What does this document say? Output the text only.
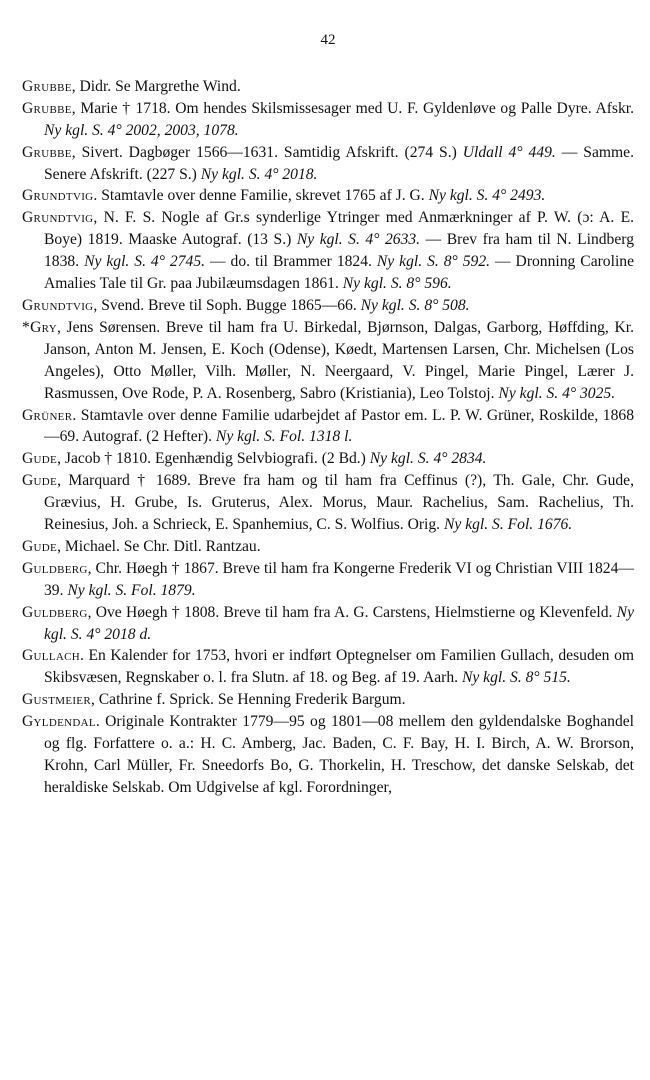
42

Grubbe, Didr. Se Margrethe Wind.

Grubbe, Marie † 1718. Om hendes Skilsmissesager med U. F. Gyldenløve og Palle Dyre. Afskr. Ny kgl. S. 4° 2002, 2003, 1078.

Grubbe, Sivert. Dagbøger 1566—1631. Samtidig Afskrift. (274 S.) Uldall 4° 449. — Samme. Senere Afskrift. (227 S.) Ny kgl. S. 4° 2018.

Grundtvig. Stamtavle over denne Familie, skrevet 1765 af J. G. Ny kgl. S. 4° 2493.

Grundtvig, N. F. S. Nogle af Gr.s synderlige Ytringer med Anmærkninger af P. W. (ɔ: A. E. Boye) 1819. Maaske Autograf. (13 S.) Ny kgl. S. 4° 2633. — Brev fra ham til N. Lindberg 1838. Ny kgl. S. 4° 2745. — do. til Brammer 1824. Ny kgl. S. 8° 592. — Dronning Caroline Amalies Tale til Gr. paa Jubilæumsdagen 1861. Ny kgl. S. 8° 596.

Grundtvig, Svend. Breve til Soph. Bugge 1865—66. Ny kgl. S. 8° 508.

*Gry, Jens Sørensen. Breve til ham fra U. Birkedal, Bjørnson, Dalgas, Garborg, Høffding, Kr. Janson, Anton M. Jensen, E. Koch (Odense), Køedt, Martensen Larsen, Chr. Michelsen (Los Angeles), Otto Møller, Vilh. Møller, N. Neergaard, V. Pingel, Marie Pingel, Lærer J. Rasmussen, Ove Rode, P. A. Rosenberg, Sabro (Kristiania), Leo Tolstoj. Ny kgl. S. 4° 3025.

Grüner. Stamtavle over denne Familie udarbejdet af Pastor em. L. P. W. Grüner, Roskilde, 1868—69. Autograf. (2 Hefter). Ny kgl. S. Fol. 1318 l.

Gude, Jacob † 1810. Egenhændig Selvbiografi. (2 Bd.) Ny kgl. S. 4° 2834.

Gude, Marquard † 1689. Breve fra ham og til ham fra Ceffinus (?), Th. Gale, Chr. Gude, Grævius, H. Grube, Is. Gruterus, Alex. Morus, Maur. Rachelius, Sam. Rachelius, Th. Reinesius, Joh. a Schrieck, E. Spanhemius, C. S. Wolfius. Orig. Ny kgl. S. Fol. 1676.

Gude, Michael. Se Chr. Ditl. Rantzau.

Guldberg, Chr. Høegh † 1867. Breve til ham fra Kongerne Frederik VI og Christian VIII 1824—39. Ny kgl. S. Fol. 1879.

Guldberg, Ove Høegh † 1808. Breve til ham fra A. G. Carstens, Hielmstierne og Klevenfeld. Ny kgl. S. 4° 2018 d.

Gullach. En Kalender for 1753, hvori er indført Optegnelser om Familien Gullach, desuden om Skibsvæsen, Regnskaber o. l. fra Slutn. af 18. og Beg. af 19. Aarh. Ny kgl. S. 8° 515.

Gustmeier, Cathrine f. Sprick. Se Henning Frederik Bargum.

Gyldendal. Originale Kontrakter 1779—95 og 1801—08 mellem den gyldendalske Boghandel og flg. Forfattere o. a.: H. C. Amberg, Jac. Baden, C. F. Bay, H. I. Birch, A. W. Brorson, Krohn, Carl Müller, Fr. Sneedorfs Bo, G. Thorkelin, H. Treschow, det danske Selskab, det heraldiske Selskab. Om Udgivelse af kgl. Forordninger,
